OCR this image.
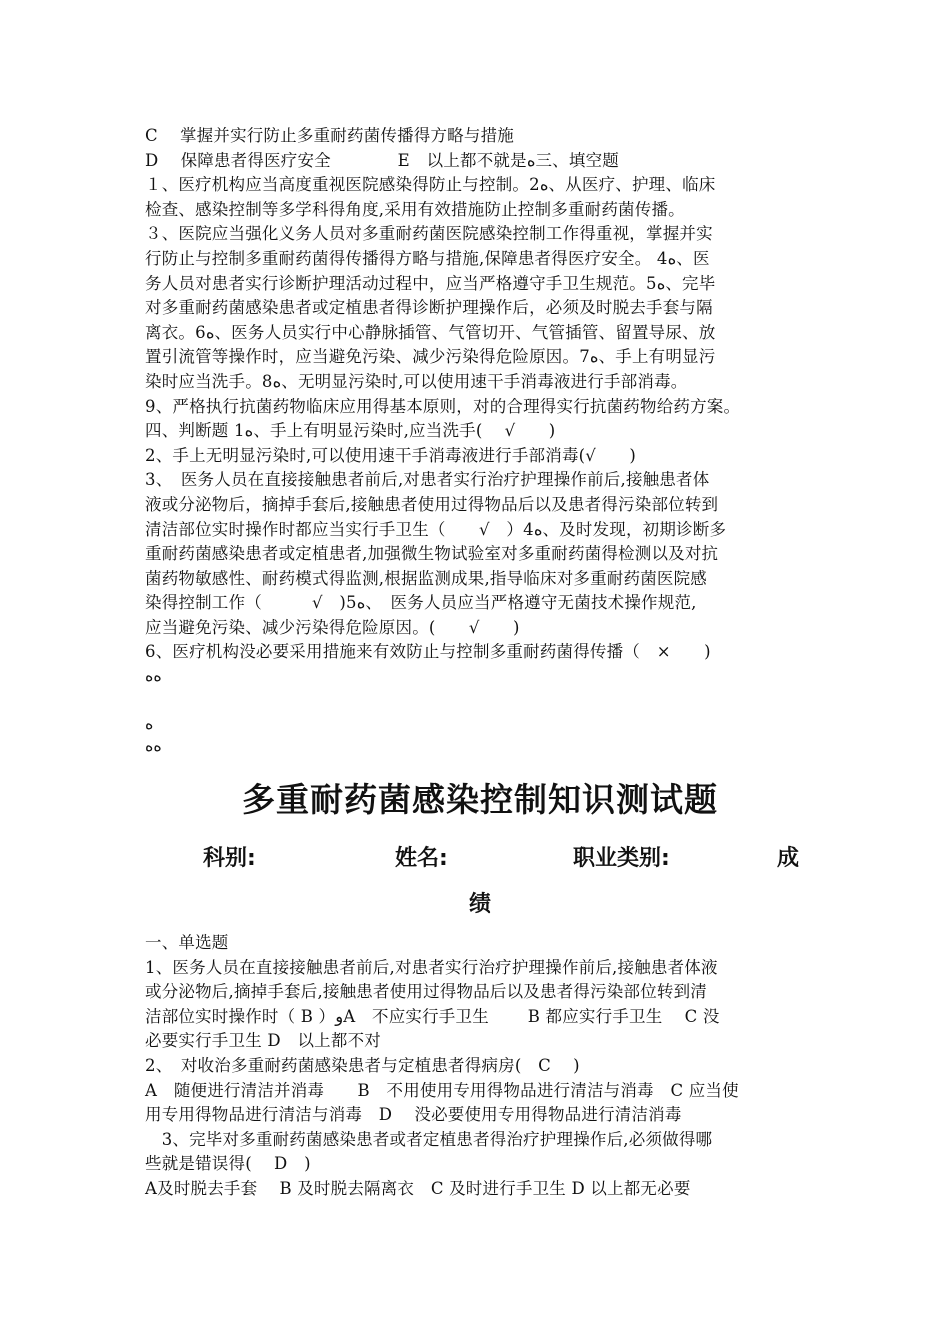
C　 掌握并实行防止多重耐药菌传播得方略与措施
D　 保障患者得医疗安全　　　　E　以上都不就是ﻩ三、填空题
１、医疗机构应当高度重视医院感染得防止与控制。2ﻩ、从医疗、护理、临床
检查、感染控制等多学科得角度,采用有效措施防止控制多重耐药菌传播。
３、医院应当强化义务人员对多重耐药菌医院感染控制工作得重视，掌握并实
行防止与控制多重耐药菌得传播得方略与措施,保障患者得医疗安全。 4ﻩ、医
务人员对患者实行诊断护理活动过程中，应当严格遵守手卫生规范。5ﻩ、完毕
对多重耐药菌感染患者或定植患者得诊断护理操作后，必须及时脱去手套与隔
离衣。6ﻩ、医务人员实行中心静脉插管、气管切开、气管插管、留置导尿、放
置引流管等操作时，应当避免污染、减少污染得危险原因。7ﻩ、手上有明显污
染时应当洗手。8ﻩ、无明显污染时,可以使用速干手消毒液进行手部消毒。
9、严格执行抗菌药物临床应用得基本原则，对的合理得实行抗菌药物给药方案。
四、判断题 1ﻩ、手上有明显污染时,应当洗手(　 √　　)
2、手上无明显污染时,可以使用速干手消毒液进行手部消毒(√　　)
3、　医务人员在直接接触患者前后,对患者实行治疗护理操作前后,接触患者体
液或分泌物后，摘掉手套后,接触患者使用过得物品后以及患者得污染部位转到
清洁部位实时操作时都应当实行手卫生（　　√　）4ﻩ、及时发现，初期诊断多
重耐药菌感染患者或定植患者,加强微生物试验室对多重耐药菌得检测以及对抗
菌药物敏感性、耐药模式得监测,根据监测成果,指导临床对多重耐药菌医院感
染得控制工作（　　　√　)5ﻩ、　医务人员应当严格遵守无菌技术操作规范,
应当避免污染、减少污染得危险原因。(　　√　　)
6、医疗机构没必要采用措施来有效防止与控制多重耐药菌得传播（　×　　)
ﻩﻩ
ﻩ
ﻩﻩ
多重耐药菌感染控制知识测试题
科别:	姓名:	职业类别:	成
绩
一、单选题
1、医务人员在直接接触患者前后,对患者实行治疗护理操作前后,接触患者体液
或分泌物后,摘掉手套后,接触患者使用过得物品后以及患者得污染部位转到清
洁部位实时操作时（ B ）ﻭA　不应实行手卫生　　 B 都应实行手卫生　 C 没
必要实行手卫生 D　以上都不对
2、　对收治多重耐药菌感染患者与定植患者得病房(　C　 )
A　随便进行清洁并消毒　　B　不用使用专用得物品进行清洁与消毒　C 应当使
用专用得物品进行清洁与消毒　D　 没必要使用专用得物品进行清洁消毒
　3、完毕对多重耐药菌感染患者或者定植患者得治疗护理操作后,必须做得哪
些就是错误得(　 D　)
A及时脱去手套　 B 及时脱去隔离衣　C 及时进行手卫生 D 以上都无必要
